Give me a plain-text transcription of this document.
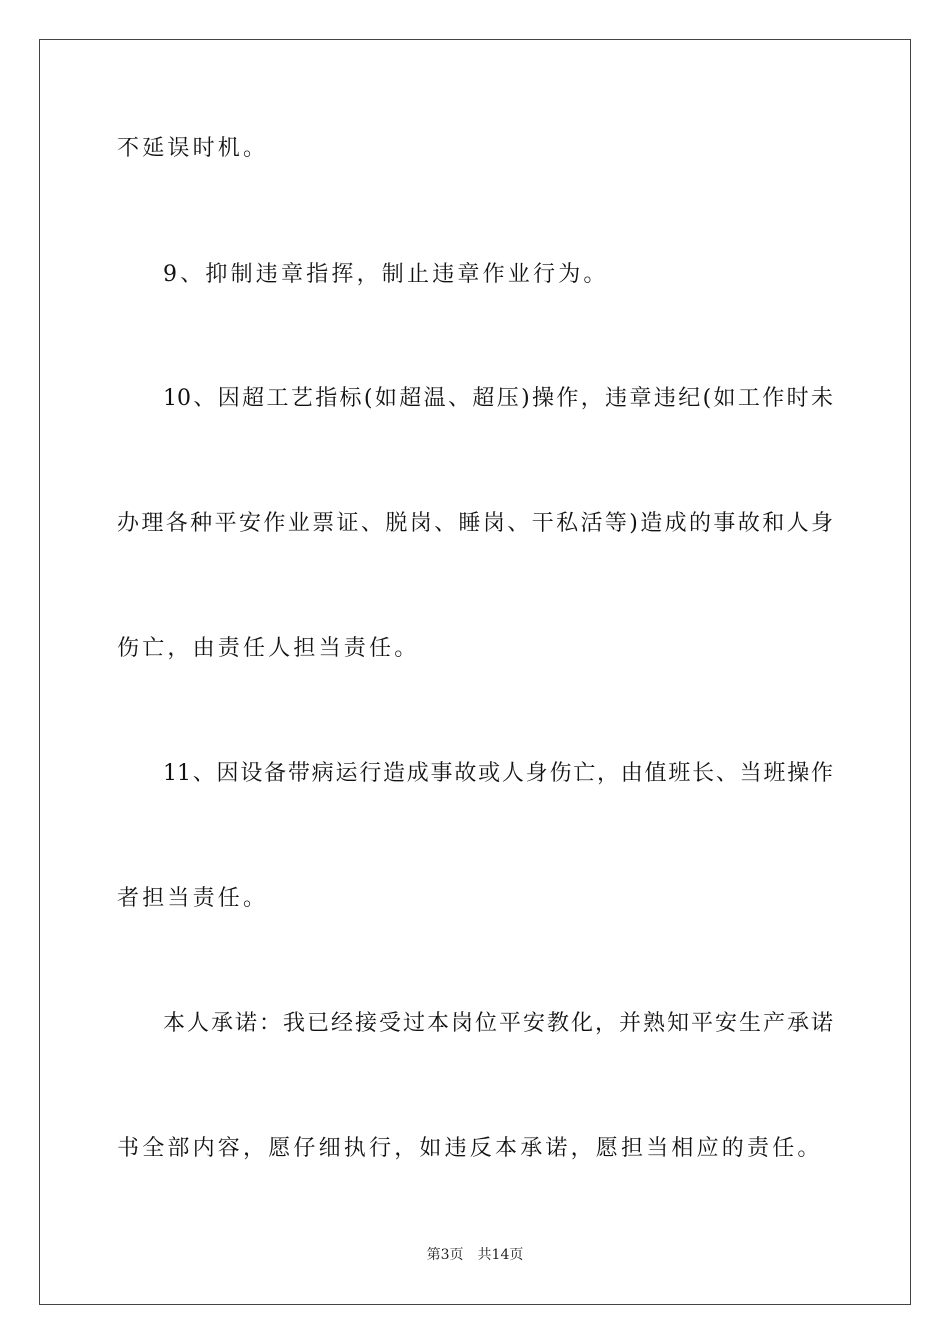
不延误时机。
9、抑制违章指挥，制止违章作业行为。
10、因超工艺指标(如超温、超压)操作，违章违纪(如工作时未
办理各种平安作业票证、脱岗、睡岗、干私活等)造成的事故和人身
伤亡，由责任人担当责任。
11、因设备带病运行造成事故或人身伤亡，由值班长、当班操作
者担当责任。
本人承诺：我已经接受过本岗位平安教化，并熟知平安生产承诺
书全部内容，愿仔细执行，如违反本承诺，愿担当相应的责任。
第3页 共14页
